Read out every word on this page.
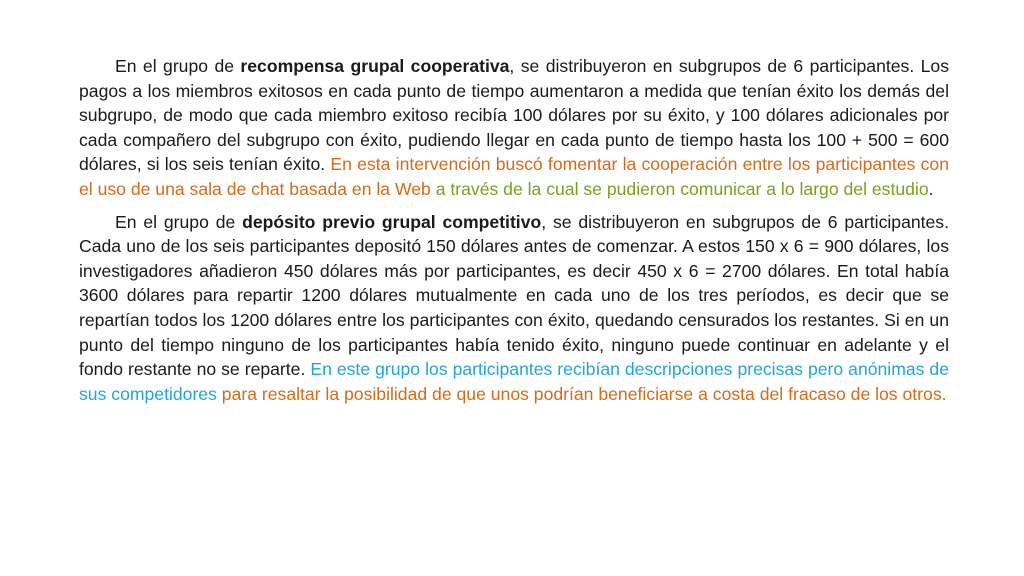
En el grupo de recompensa grupal cooperativa, se distribuyeron en subgrupos de 6 participantes. Los pagos a los miembros exitosos en cada punto de tiempo aumentaron a medida que tenían éxito los demás del subgrupo, de modo que cada miembro exitoso recibía 100 dólares por su éxito, y 100 dólares adicionales por cada compañero del subgrupo con éxito, pudiendo llegar en cada punto de tiempo hasta los 100 + 500 = 600 dólares, si los seis tenían éxito. En esta intervención buscó fomentar la cooperación entre los participantes con el uso de una sala de chat basada en la Web a través de la cual se pudieron comunicar a lo largo del estudio.

En el grupo de depósito previo grupal competitivo, se distribuyeron en subgrupos de 6 participantes. Cada uno de los seis participantes depositó 150 dólares antes de comenzar. A estos 150 x 6 = 900 dólares, los investigadores añadieron 450 dólares más por participantes, es decir 450 x 6 = 2700 dólares. En total había 3600 dólares para repartir 1200 dólares mutualmente en cada uno de los tres períodos, es decir que se repartían todos los 1200 dólares entre los participantes con éxito, quedando censurados los restantes. Si en un punto del tiempo ninguno de los participantes había tenido éxito, ninguno puede continuar en adelante y el fondo restante no se reparte. En este grupo los participantes recibían descripciones precisas pero anónimas de sus competidores para resaltar la posibilidad de que unos podrían beneficiarse a costa del fracaso de los otros.
